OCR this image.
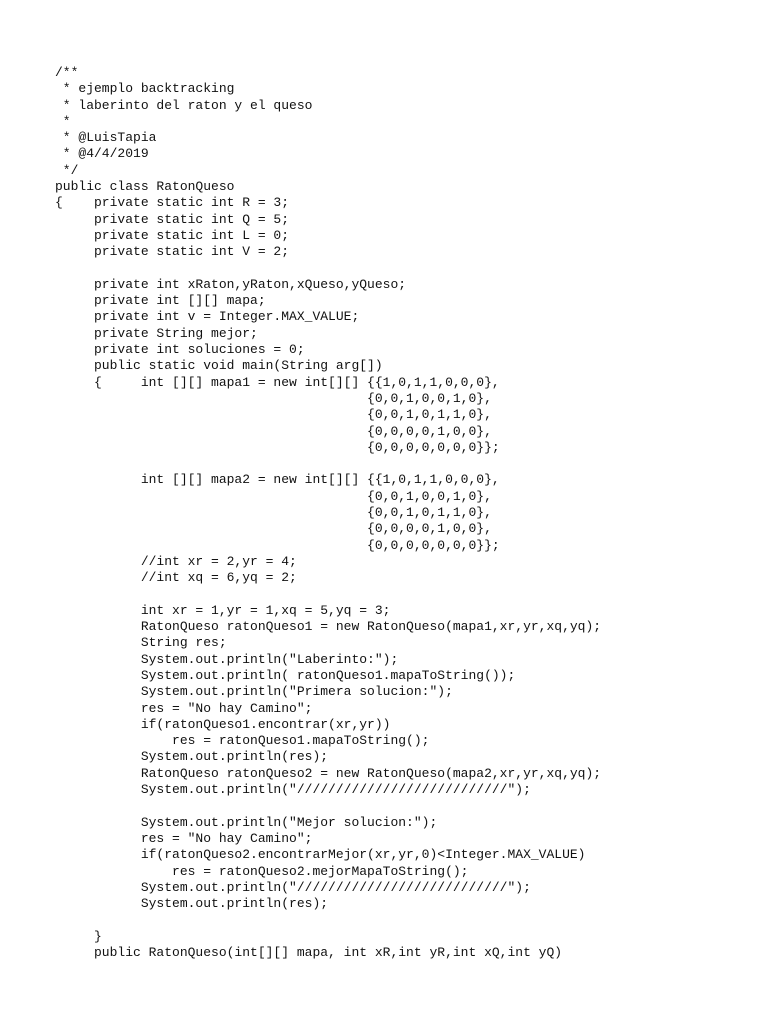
/**
* ejemplo backtracking
* laberinto del raton y el queso
*
* @LuisTapia
* @4/4/2019
*/
public class RatonQueso
{    private static int R = 3;
private static int Q = 5;
private static int L = 0;
private static int V = 2;

private int xRaton,yRaton,xQueso,yQueso;
private int [][] mapa;
private int v = Integer.MAX_VALUE;
private String mejor;
private int soluciones = 0;
public static void main(String arg[])
{     int [][] mapa1 = new int[][] {{1,0,1,1,0,0,0},
{0,0,1,0,0,1,0},
{0,0,1,0,1,1,0},
{0,0,0,0,1,0,0},
{0,0,0,0,0,0,0}};

int [][] mapa2 = new int[][] {{1,0,1,1,0,0,0},
{0,0,1,0,0,1,0},
{0,0,1,0,1,1,0},
{0,0,0,0,1,0,0},
{0,0,0,0,0,0,0}};
//int xr = 2,yr = 4;
//int xq = 6,yq = 2;

int xr = 1,yr = 1,xq = 5,yq = 3;
RatonQueso ratonQueso1 = new RatonQueso(mapa1,xr,yr,xq,yq);
String res;
System.out.println("Laberinto:");
System.out.println( ratonQueso1.mapaToString());
System.out.println("Primera solucion:");
res = "No hay Camino";
if(ratonQueso1.encontrar(xr,yr))
res = ratonQueso1.mapaToString();
System.out.println(res);
RatonQueso ratonQueso2 = new RatonQueso(mapa2,xr,yr,xq,yq);
System.out.println("///////////////////////////");

System.out.println("Mejor solucion:");
res = "No hay Camino";
if(ratonQueso2.encontrarMejor(xr,yr,0)<Integer.MAX_VALUE)
res = ratonQueso2.mejorMapaToString();
System.out.println("///////////////////////////");
System.out.println(res);

}
public RatonQueso(int[][] mapa, int xR,int yR,int xQ,int yQ)
